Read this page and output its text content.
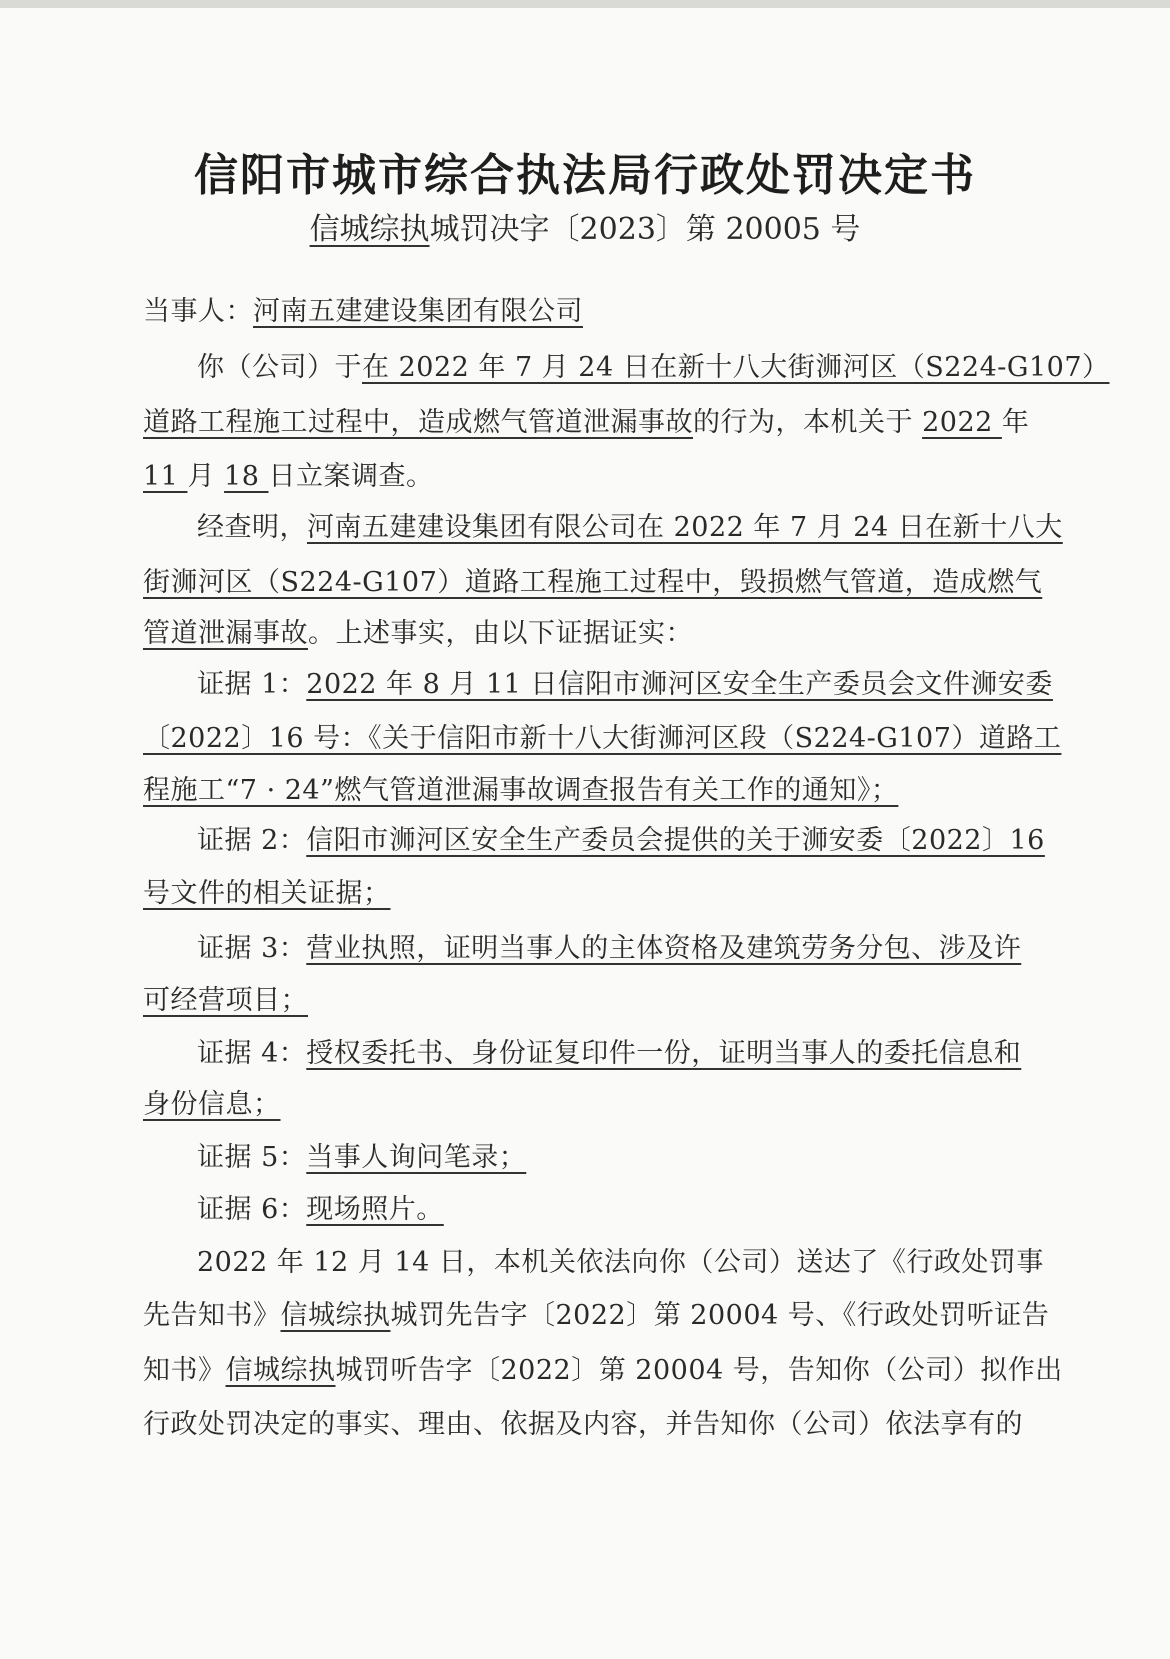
信阳市城市综合执法局行政处罚决定书
信城综执城罚决字〔2023〕第 20005 号
当事人：河南五建建设集团有限公司
你（公司）于在 2022 年 7 月 24 日在新十八大街浉河区（S224-G107）
道路工程施工过程中，造成燃气管道泄漏事故的行为，本机关于 2022 年
11 月 18 日立案调查。
经查明，河南五建建设集团有限公司在 2022 年 7 月 24 日在新十八大
街浉河区（S224-G107）道路工程施工过程中，毁损燃气管道，造成燃气
管道泄漏事故。上述事实，由以下证据证实：
证据 1：2022 年 8 月 11 日信阳市浉河区安全生产委员会文件浉安委
〔2022〕16 号：《关于信阳市新十八大街浉河区段（S224-G107）道路工
程施工“7 · 24”燃气管道泄漏事故调查报告有关工作的通知》；
证据 2：信阳市浉河区安全生产委员会提供的关于浉安委〔2022〕16
号文件的相关证据；
证据 3：营业执照，证明当事人的主体资格及建筑劳务分包、涉及许
可经营项目；
证据 4：授权委托书、身份证复印件一份，证明当事人的委托信息和
身份信息；
证据 5：当事人询问笔录；
证据 6：现场照片。
2022 年 12 月 14 日，本机关依法向你（公司）送达了《行政处罚事
先告知书》信城综执城罚先告字〔2022〕第 20004 号、《行政处罚听证告
知书》信城综执城罚听告字〔2022〕第 20004 号，告知你（公司）拟作出
行政处罚决定的事实、理由、依据及内容，并告知你（公司）依法享有的
